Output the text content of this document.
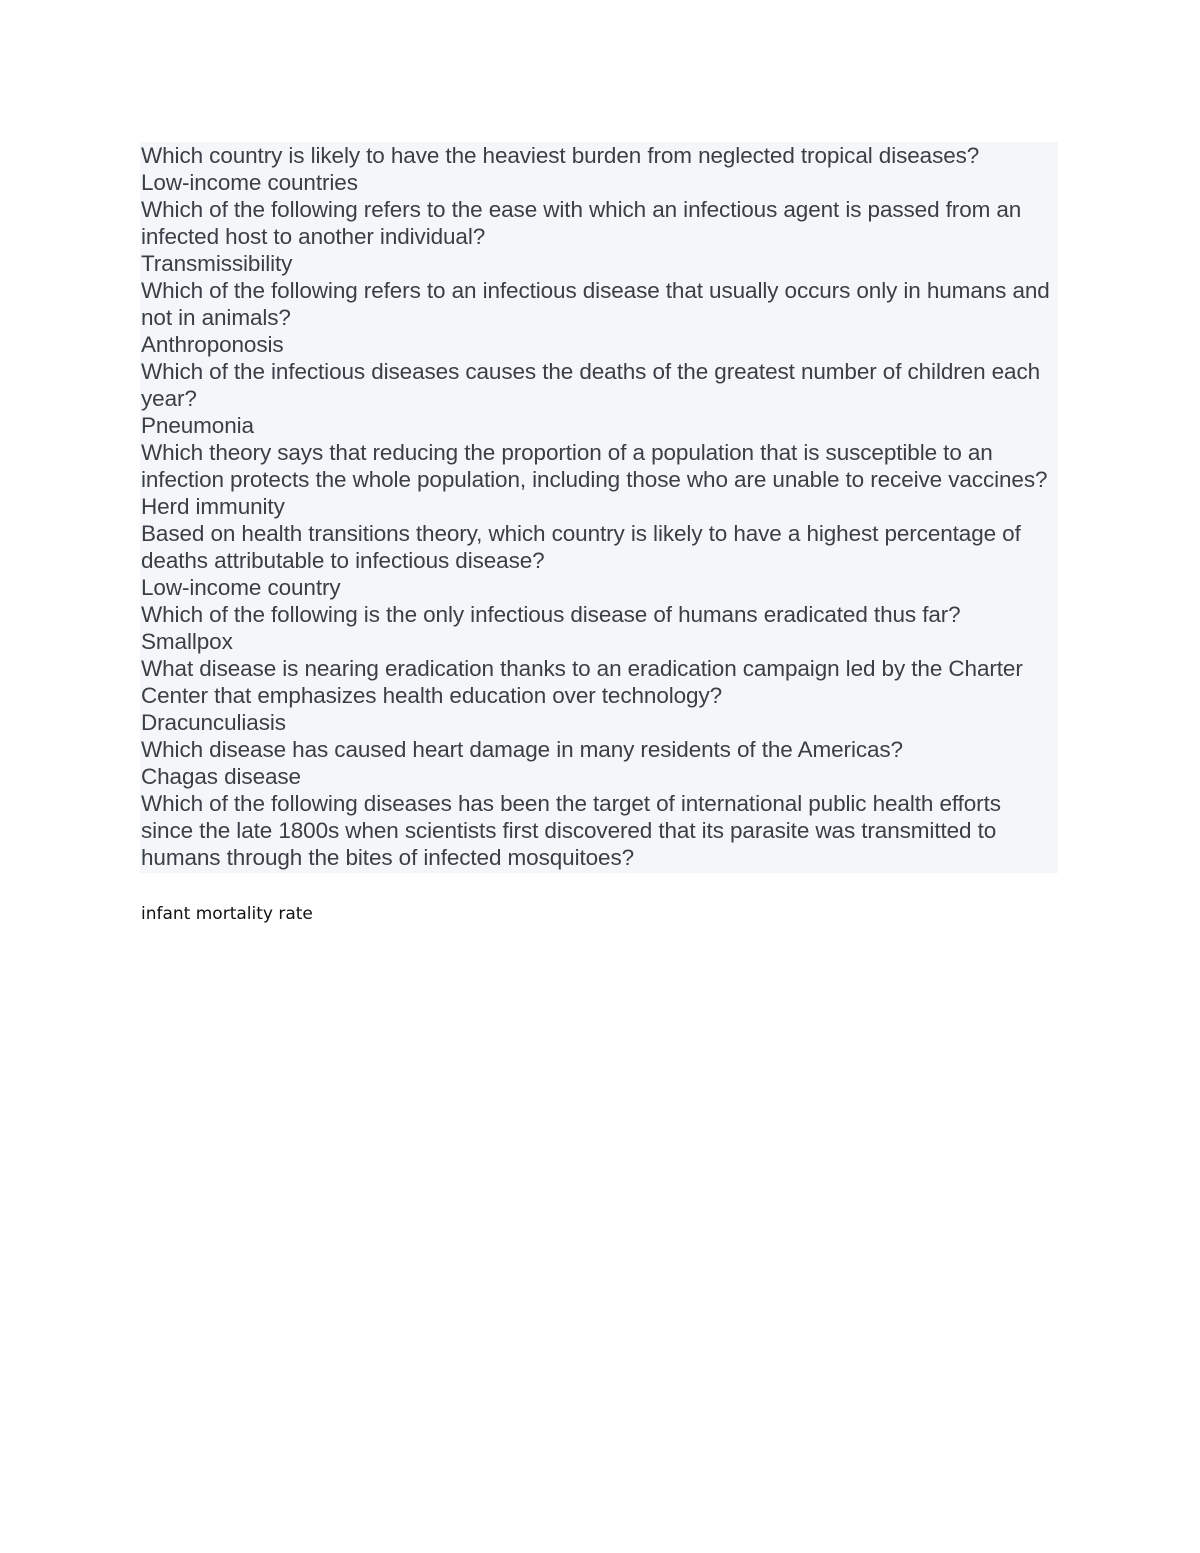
Which country is likely to have the heaviest burden from neglected tropical diseases?
Low-income countries
Which of the following refers to the ease with which an infectious agent is passed from an infected host to another individual?
Transmissibility
Which of the following refers to an infectious disease that usually occurs only in humans and not in animals?
Anthroponosis
Which of the infectious diseases causes the deaths of the greatest number of children each year?
Pneumonia
Which theory says that reducing the proportion of a population that is susceptible to an infection protects the whole population, including those who are unable to receive vaccines?
Herd immunity
Based on health transitions theory, which country is likely to have a highest percentage of deaths attributable to infectious disease?
Low-income country
Which of the following is the only infectious disease of humans eradicated thus far?
Smallpox
What disease is nearing eradication thanks to an eradication campaign led by the Charter Center that emphasizes health education over technology?
Dracunculiasis
Which disease has caused heart damage in many residents of the Americas?
Chagas disease
Which of the following diseases has been the target of international public health efforts since the late 1800s when scientists first discovered that its parasite was transmitted to humans through the bites of infected mosquitoes?
infant mortality rate
